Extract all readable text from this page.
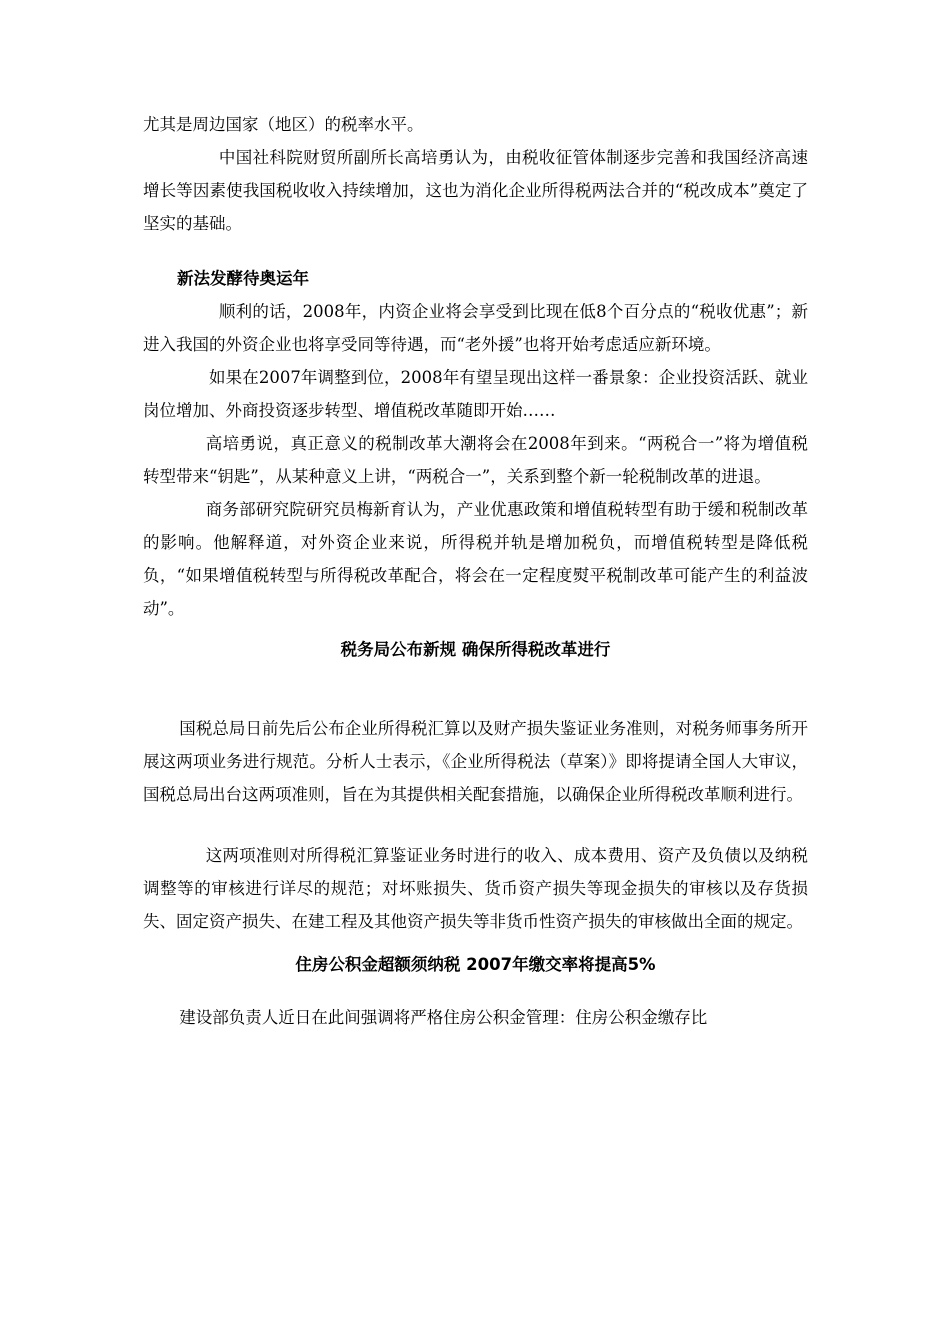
尤其是周边国家（地区）的税率水平。

中国社科院财贸所副所长高培勇认为，由税收征管体制逐步完善和我国经济高速增长等因素使我国税收收入持续增加，这也为消化企业所得税两法合并的“税改成本”奠定了坚实的基础。

新法发酵待奥运年

顺利的话，2008年，内资企业将会享受到比现在低8个百分点的“税收优惠”；新进入我国的外资企业也将享受同等待遇，而“老外援”也将开始考虑适应新环境。

如果在2007年调整到位，2008年有望呈现出这样一番景象：企业投资活跃、就业 岗位增加、外商投资逐步转型、增值税改革随即开始……

高培勇说，真正意义的税制改革大潮将会在2008年到来。“两税合一”将为增值税转型带来“钥匙”，从某种意义上讲，“两税合一”，关系到整个新一轮税制改革的进退。

商务部研究院研究员梅新育认为，产业优惠政策和增值税转型有助于缓和税制改革的影响。他解释道，对外资企业来说，所得税并轨是增加税负，而增值税转型是降低税负，“如果增值税转型与所得税改革配合，将会在一定程度熨平税制改革可能产生的利益波动”。

税务局公布新规 确保所得税改革进行

国税总局日前先后公布企业所得税汇算以及财产损失鉴证业务准则，对税务师事务所开展这两项业务进行规范。分析人士表示，《企业所得税法（草案）》即将提请全国人大审议，国税总局出台这两项准则，旨在为其提供相关配套措施，以确保企业所得税改革顺利进行。

这两项准则对所得税汇算鉴证业务时进行的收入、成本费用、资产及负债以及纳税调整等的审核进行详尽的规范；对坏账损失、货币资产损失等现金损失的审核以及存货损失、固定资产损失、在建工程及其他资产损失等非货币性资产损失的审核做出全面的规定。

住房公积金超额须纳税 2007年缴交率将提高5%

建设部负责人近日在此间强调将严格住房公积金管理：住房公积金缴存比
